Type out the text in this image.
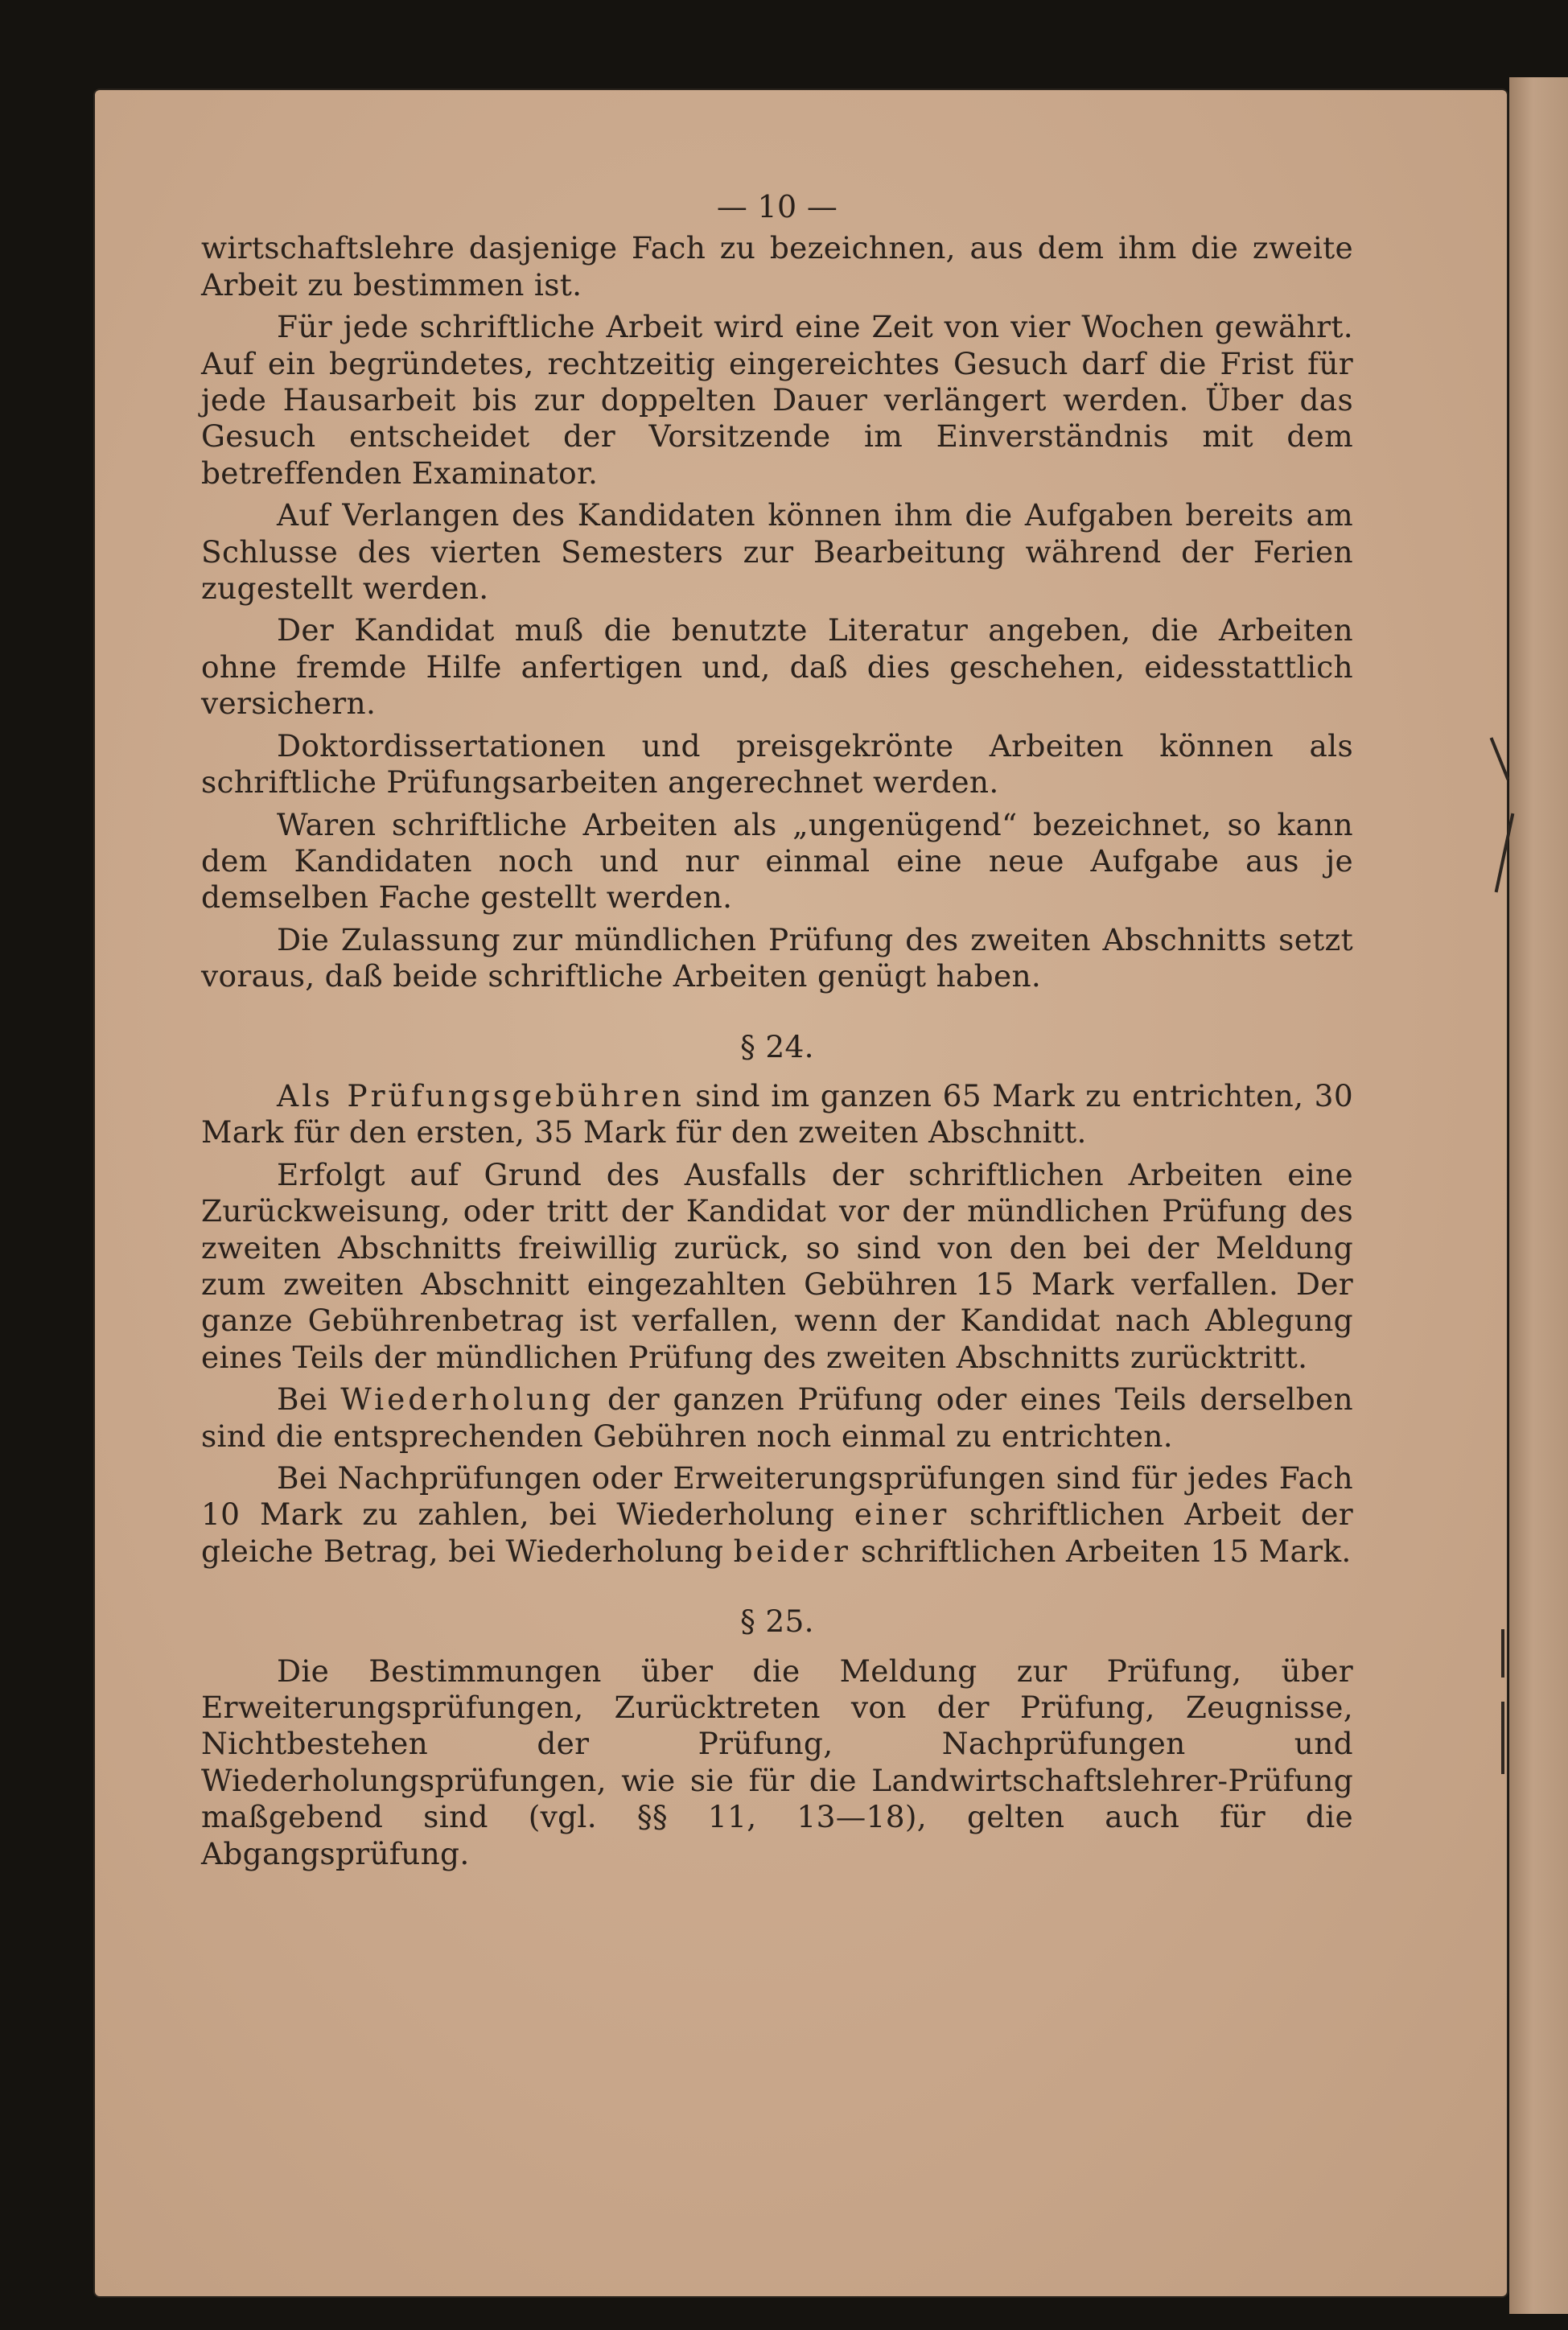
— 10 —

wirtschaftslehre dasjenige Fach zu bezeichnen, aus dem ihm die zweite Arbeit zu bestimmen ist.

Für jede schriftliche Arbeit wird eine Zeit von vier Wochen gewährt. Auf ein begründetes, rechtzeitig eingereichtes Gesuch darf die Frist für jede Hausarbeit bis zur doppelten Dauer verlängert werden. Über das Gesuch entscheidet der Vorsitzende im Einverständnis mit dem betreffenden Examinator.

Auf Verlangen des Kandidaten können ihm die Aufgaben bereits am Schlusse des vierten Semesters zur Bearbeitung während der Ferien zugestellt werden.

Der Kandidat muß die benutzte Literatur angeben, die Arbeiten ohne fremde Hilfe anfertigen und, daß dies geschehen, eidesstattlich versichern.

Doktordissertationen und preisgekrönte Arbeiten können als schriftliche Prüfungsarbeiten angerechnet werden.

Waren schriftliche Arbeiten als „ungenügend“ bezeichnet, so kann dem Kandidaten noch und nur einmal eine neue Aufgabe aus je demselben Fache gestellt werden.

Die Zulassung zur mündlichen Prüfung des zweiten Abschnitts setzt voraus, daß beide schriftliche Arbeiten genügt haben.

§ 24.

Als Prüfungsgebühren sind im ganzen 65 Mark zu entrichten, 30 Mark für den ersten, 35 Mark für den zweiten Abschnitt.

Erfolgt auf Grund des Ausfalls der schriftlichen Arbeiten eine Zurückweisung, oder tritt der Kandidat vor der mündlichen Prüfung des zweiten Abschnitts freiwillig zurück, so sind von den bei der Meldung zum zweiten Abschnitt eingezahlten Gebühren 15 Mark verfallen. Der ganze Gebührenbetrag ist verfallen, wenn der Kandidat nach Ablegung eines Teils der mündlichen Prüfung des zweiten Abschnitts zurücktritt.

Bei Wiederholung der ganzen Prüfung oder eines Teils derselben sind die entsprechenden Gebühren noch einmal zu entrichten.

Bei Nachprüfungen oder Erweiterungsprüfungen sind für jedes Fach 10 Mark zu zahlen, bei Wiederholung einer schriftlichen Arbeit der gleiche Betrag, bei Wiederholung beider schriftlichen Arbeiten 15 Mark.

§ 25.

Die Bestimmungen über die Meldung zur Prüfung, über Erweiterungsprüfungen, Zurücktreten von der Prüfung, Zeugnisse, Nichtbestehen der Prüfung, Nachprüfungen und Wiederholungsprüfungen, wie sie für die Landwirtschaftslehrer-Prüfung maßgebend sind (vgl. §§ 11, 13—18), gelten auch für die Abgangsprüfung.
